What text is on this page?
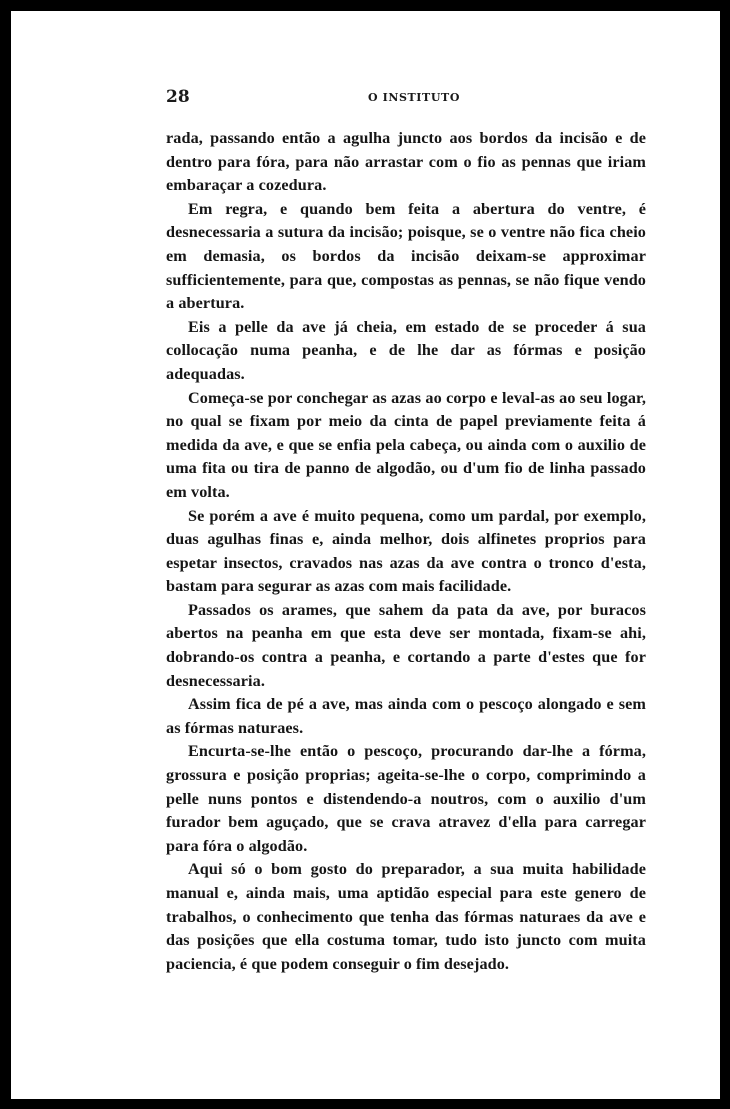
28	O INSTITUTO

rada, passando então a agulha juncto aos bordos da incisão e de dentro para fóra, para não arrastar com o fio as pennas que iriam embaraçar a cozedura.

Em regra, e quando bem feita a abertura do ventre, é desnecessaria a sutura da incisão; poisque, se o ventre não fica cheio em demasia, os bordos da incisão deixam-se approximar sufficientemente, para que, compostas as pennas, se não fique vendo a abertura.

Eis a pelle da ave já cheia, em estado de se proceder á sua collocação numa peanha, e de lhe dar as fórmas e posição adequadas.

Começa-se por conchegar as azas ao corpo e leval-as ao seu logar, no qual se fixam por meio da cinta de papel previamente feita á medida da ave, e que se enfia pela cabeça, ou ainda com o auxilio de uma fita ou tira de panno de algodão, ou d'um fio de linha passado em volta.

Se porém a ave é muito pequena, como um pardal, por exemplo, duas agulhas finas e, ainda melhor, dois alfinetes proprios para espetar insectos, cravados nas azas da ave contra o tronco d'esta, bastam para segurar as azas com mais facilidade.

Passados os arames, que sahem da pata da ave, por buracos abertos na peanha em que esta deve ser montada, fixam-se ahi, dobrando-os contra a peanha, e cortando a parte d'estes que for desnecessaria.

Assim fica de pé a ave, mas ainda com o pescoço alongado e sem as fórmas naturaes.

Encurta-se-lhe então o pescoço, procurando dar-lhe a fórma, grossura e posição proprias; ageita-se-lhe o corpo, comprimindo a pelle nuns pontos e distendendo-a noutros, com o auxilio d'um furador bem aguçado, que se crava atravez d'ella para carregar para fóra o algodão.

Aqui só o bom gosto do preparador, a sua muita habilidade manual e, ainda mais, uma aptidão especial para este genero de trabalhos, o conhecimento que tenha das fórmas naturaes da ave e das posições que ella costuma tomar, tudo isto juncto com muita paciencia, é que podem conseguir o fim desejado.
